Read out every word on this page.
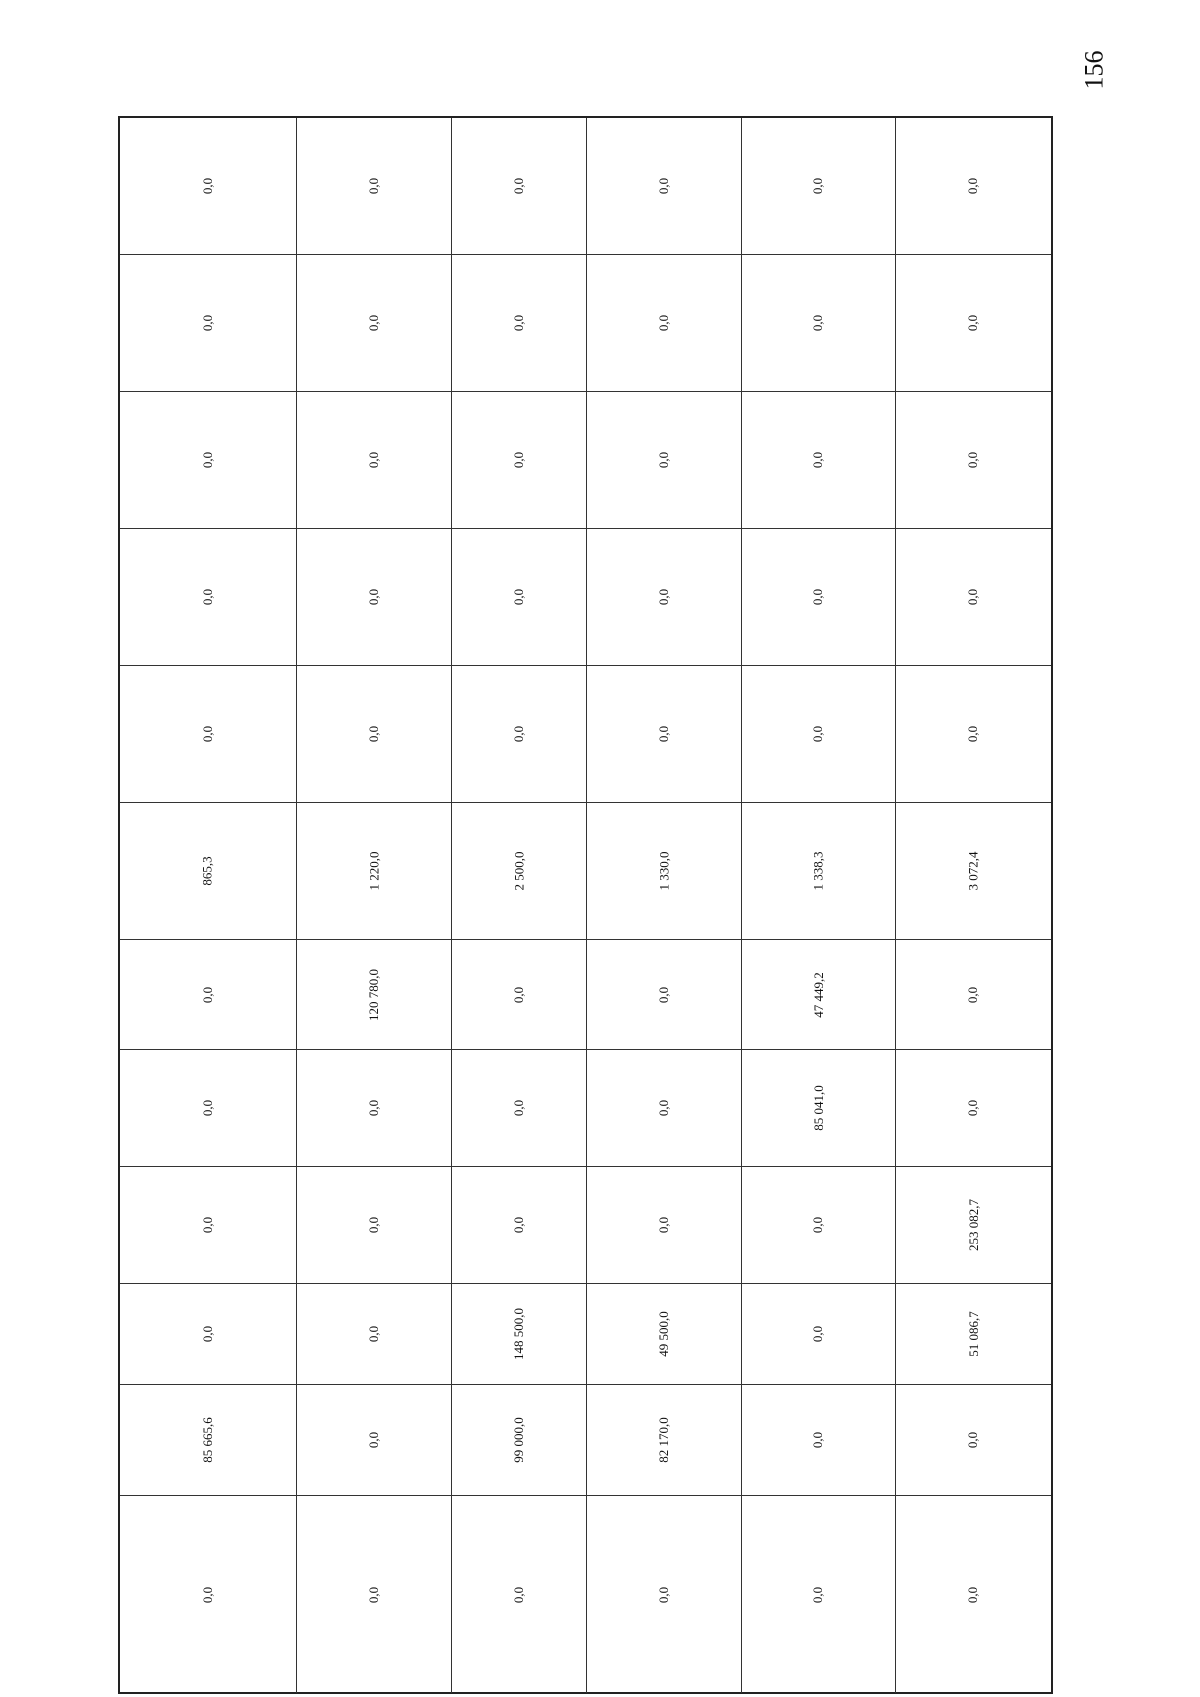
156
0,0	0,0	0,0	0,0	0,0	0,0
0,0	0,0	0,0	0,0	0,0	0,0
0,0	0,0	0,0	0,0	0,0	0,0
0,0	0,0	0,0	0,0	0,0	0,0
0,0	0,0	0,0	0,0	0,0	0,0
865,3	1 220,0	2 500,0	1 330,0	1 338,3	3 072,4
0,0	120 780,0	0,0	0,0	47 449,2	0,0
0,0	0,0	0,0	0,0	85 041,0	0,0
0,0	0,0	0,0	0,0	0,0	253 082,7
0,0	0,0	148 500,0	49 500,0	0,0	51 086,7
85 665,6	0,0	99 000,0	82 170,0	0,0	0,0
0,0	0,0	0,0	0,0	0,0	0,0
